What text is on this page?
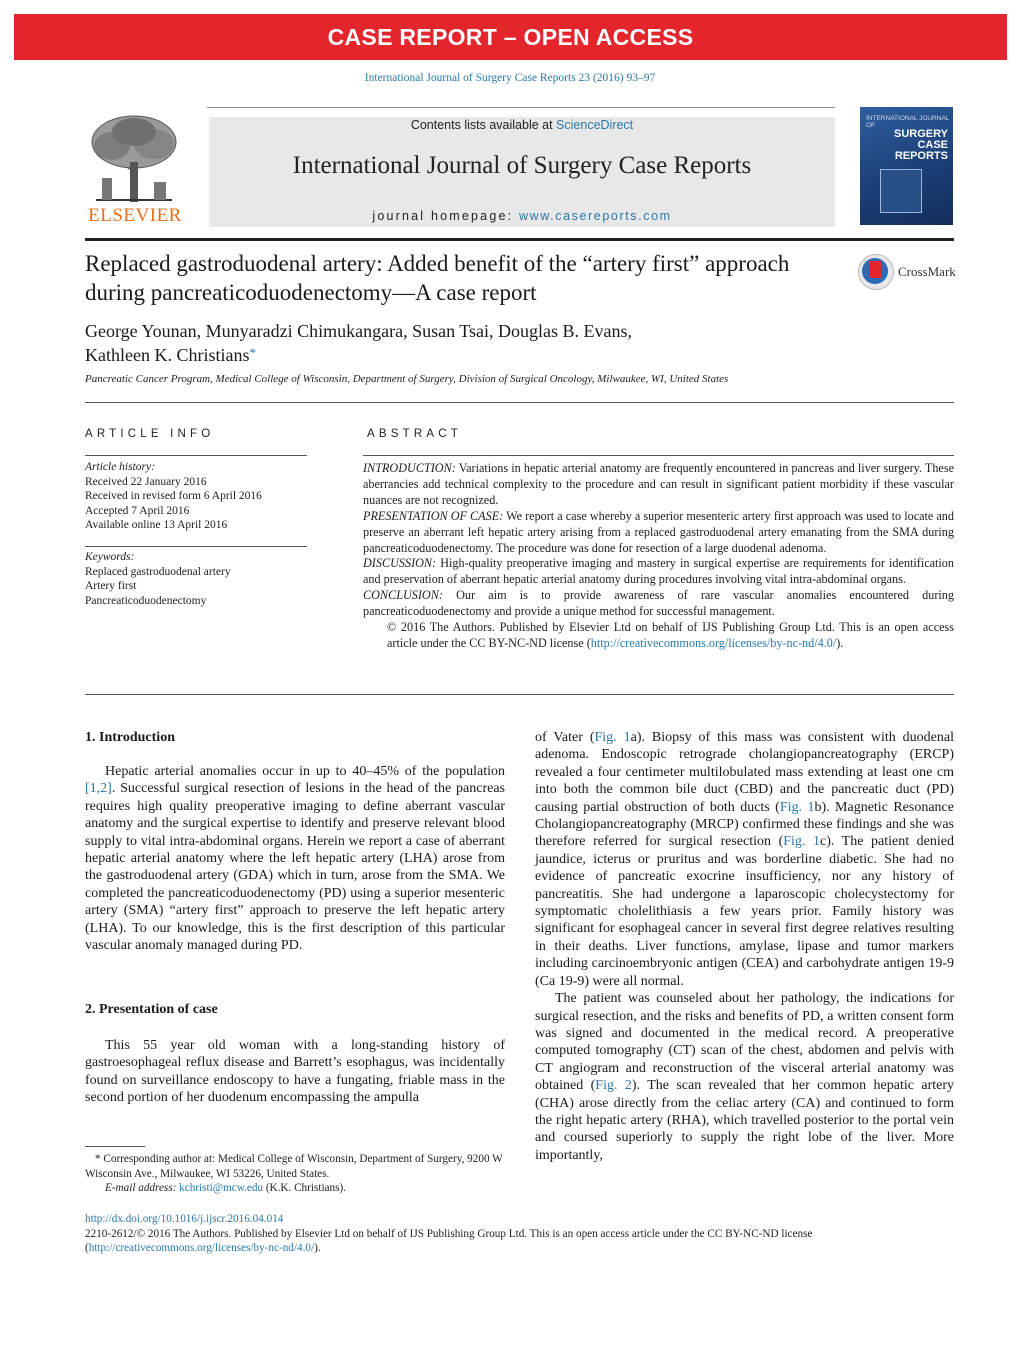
CASE REPORT – OPEN ACCESS
International Journal of Surgery Case Reports 23 (2016) 93–97
Contents lists available at ScienceDirect
International Journal of Surgery Case Reports
journal homepage: www.casereports.com
ELSEVIER
INTERNATIONAL JOURNAL OF
SURGERY CASE REPORTS
Replaced gastroduodenal artery: Added benefit of the “artery first” approach during pancreaticoduodenectomy—A case report
CrossMark
George Younan, Munyaradzi Chimukangara, Susan Tsai, Douglas B. Evans,
Kathleen K. Christians*
Pancreatic Cancer Program, Medical College of Wisconsin, Department of Surgery, Division of Surgical Oncology, Milwaukee, WI, United States
ARTICLE INFO
Article history:
Received 22 January 2016
Received in revised form 6 April 2016
Accepted 7 April 2016
Available online 13 April 2016
Keywords:
Replaced gastroduodenal artery
Artery first
Pancreaticoduodenectomy
ABSTRACT

INTRODUCTION: Variations in hepatic arterial anatomy are frequently encountered in pancreas and liver surgery. These aberrancies add technical complexity to the procedure and can result in significant patient morbidity if these vascular nuances are not recognized.

PRESENTATION OF CASE: We report a case whereby a superior mesenteric artery first approach was used to locate and preserve an aberrant left hepatic artery arising from a replaced gastroduodenal artery emanating from the SMA during pancreaticoduodenectomy. The procedure was done for resection of a large duodenal adenoma.

DISCUSSION: High-quality preoperative imaging and mastery in surgical expertise are requirements for identification and preservation of aberrant hepatic arterial anatomy during procedures involving vital intra-abdominal organs.

CONCLUSION: Our aim is to provide awareness of rare vascular anomalies encountered during pancreaticoduodenectomy and provide a unique method for successful management.

© 2016 The Authors. Published by Elsevier Ltd on behalf of IJS Publishing Group Ltd. This is an open access article under the CC BY-NC-ND license (http://creativecommons.org/licenses/by-nc-nd/4.0/).

1. Introduction

Hepatic arterial anomalies occur in up to 40–45% of the population [1,2]. Successful surgical resection of lesions in the head of the pancreas requires high quality preoperative imaging to define aberrant vascular anatomy and the surgical expertise to identify and preserve relevant blood supply to vital intra-abdominal organs. Herein we report a case of aberrant hepatic arterial anatomy where the left hepatic artery (LHA) arose from the gastroduodenal artery (GDA) which in turn, arose from the SMA. We completed the pancreaticoduodenectomy (PD) using a superior mesenteric artery (SMA) “artery first” approach to preserve the left hepatic artery (LHA). To our knowledge, this is the first description of this particular vascular anomaly managed during PD.

2. Presentation of case

This 55 year old woman with a long-standing history of gastroesophageal reflux disease and Barrett’s esophagus, was incidentally found on surveillance endoscopy to have a fungating, friable mass in the second portion of her duodenum encompassing the ampulla

* Corresponding author at: Medical College of Wisconsin, Department of Surgery, 9200 W Wisconsin Ave., Milwaukee, WI 53226, United States.

E-mail address: kchristi@mcw.edu (K.K. Christians).

of Vater (Fig. 1a). Biopsy of this mass was consistent with duodenal adenoma. Endoscopic retrograde cholangiopancreatography (ERCP) revealed a four centimeter multilobulated mass extending at least one cm into both the common bile duct (CBD) and the pancreatic duct (PD) causing partial obstruction of both ducts (Fig. 1b). Magnetic Resonance Cholangiopancreatography (MRCP) confirmed these findings and she was therefore referred for surgical resection (Fig. 1c). The patient denied jaundice, icterus or pruritus and was borderline diabetic. She had no evidence of pancreatic exocrine insufficiency, nor any history of pancreatitis. She had undergone a laparoscopic cholecystectomy for symptomatic cholelithiasis a few years prior. Family history was significant for esophageal cancer in several first degree relatives resulting in their deaths. Liver functions, amylase, lipase and tumor markers including carcinoembryonic antigen (CEA) and carbohydrate antigen 19-9 (Ca 19-9) were all normal.

The patient was counseled about her pathology, the indications for surgical resection, and the risks and benefits of PD, a written consent form was signed and documented in the medical record. A preoperative computed tomography (CT) scan of the chest, abdomen and pelvis with CT angiogram and reconstruction of the visceral arterial anatomy was obtained (Fig. 2). The scan revealed that her common hepatic artery (CHA) arose directly from the celiac artery (CA) and continued to form the right hepatic artery (RHA), which travelled posterior to the portal vein and coursed superiorly to supply the right lobe of the liver. More importantly,

http://dx.doi.org/10.1016/j.ijscr.2016.04.014

2210-2612/© 2016 The Authors. Published by Elsevier Ltd on behalf of IJS Publishing Group Ltd. This is an open access article under the CC BY-NC-ND license (http://creativecommons.org/licenses/by-nc-nd/4.0/).
